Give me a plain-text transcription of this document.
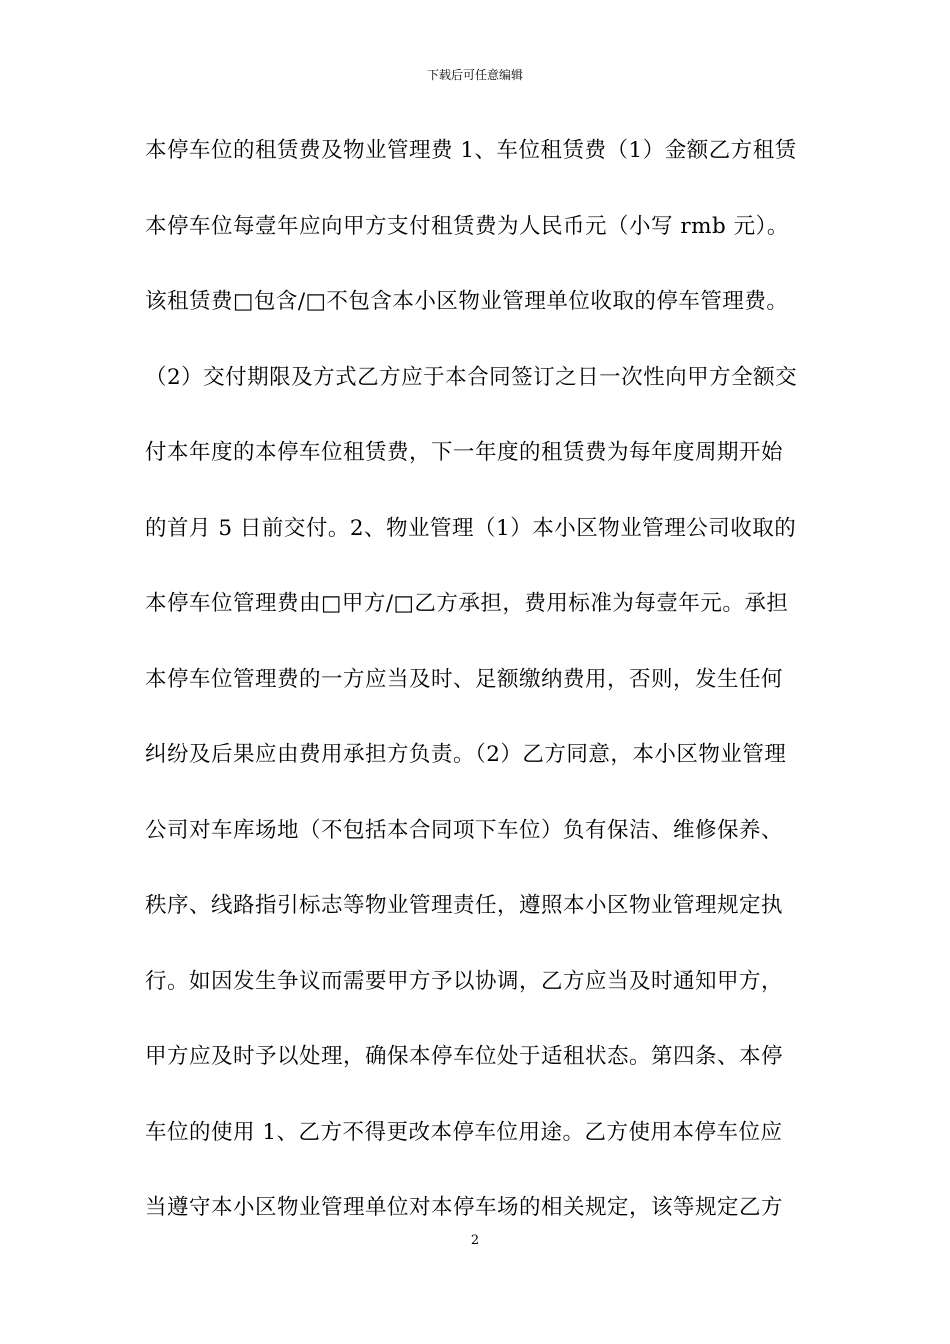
下载后可任意编辑
本停车位的租赁费及物业管理费 1、车位租赁费（1）金额乙方租赁
本停车位每壹年应向甲方支付租赁费为人民币元（小写 rmb 元）。
该租赁费□包含/□不包含本小区物业管理单位收取的停车管理费。
（2）交付期限及方式乙方应于本合同签订之日一次性向甲方全额交
付本年度的本停车位租赁费，下一年度的租赁费为每年度周期开始
的首月 5 日前交付。2、物业管理（1）本小区物业管理公司收取的
本停车位管理费由□甲方/□乙方承担，费用标准为每壹年元。承担
本停车位管理费的一方应当及时、足额缴纳费用，否则，发生任何
纠纷及后果应由费用承担方负责。（2）乙方同意，本小区物业管理
公司对车库场地（不包括本合同项下车位）负有保洁、维修保养、
秩序、线路指引标志等物业管理责任，遵照本小区物业管理规定执
行。如因发生争议而需要甲方予以协调，乙方应当及时通知甲方，
甲方应及时予以处理，确保本停车位处于适租状态。第四条、本停
车位的使用 1、乙方不得更改本停车位用途。乙方使用本停车位应
当遵守本小区物业管理单位对本停车场的相关规定，该等规定乙方
2
